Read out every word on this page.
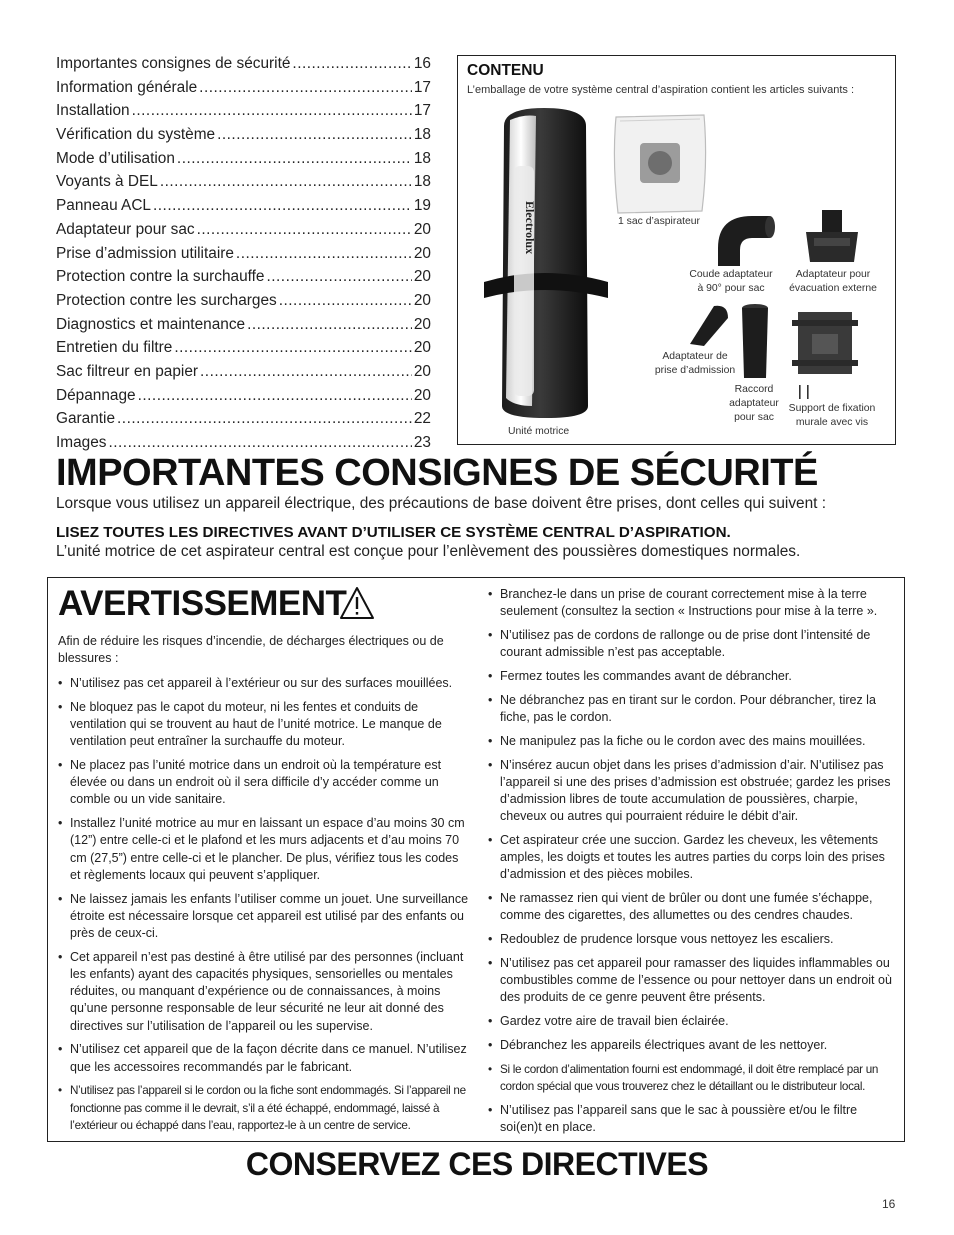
Importantes consignes de sécurité .....	16
Information générale .....	17
Installation .....	17
Vérification du système .....	18
Mode d’utilisation .....	18
Voyants à DEL .....	18
Panneau ACL .....	19
Adaptateur pour sac .....	20
Prise d’admission utilitaire .....	20
Protection contre la surchauffe .....	20
Protection contre les surcharges .....	20
Diagnostics et maintenance .....	20
Entretien du filtre .....	20
Sac filtreur en papier .....	20
Dépannage .....	20
Garantie .....	22
Images .....	23
CONTENU
L’emballage de votre système central d’aspiration contient les articles suivants :
Electrolux	1 sac d’aspirateur
Coude adaptateur
à 90° pour sac
Adaptateur pour
évacuation externe
Adaptateur de
prise d’admission
Raccord
adaptateur
pour sac
Support de fixation
murale avec vis
Unité motrice
IMPORTANTES CONSIGNES DE SÉCURITÉ
Lorsque vous utilisez un appareil électrique, des précautions de base doivent être prises, dont celles qui suivent :
LISEZ TOUTES LES DIRECTIVES AVANT D’UTILISER CE SYSTÈME CENTRAL D’ASPIRATION.
L’unité motrice de cet aspirateur central est conçue pour l’enlèvement des poussières domestiques normales.
AVERTISSEMENT
Afin de réduire les risques d’incendie, de décharges électriques ou de blessures :
• N’utilisez pas cet appareil à l’extérieur ou sur des surfaces mouillées.
• Ne bloquez pas le capot du moteur, ni les fentes et conduits de ventilation qui se trouvent au haut de l’unité motrice. Le manque de ventilation peut entraîner la surchauffe du moteur.
• Ne placez pas l’unité motrice dans un endroit où la température est élevée ou dans un endroit où il sera difficile d’y accéder comme un comble ou un vide sanitaire.
• Installez l’unité motrice au mur en laissant un espace d’au moins 30 cm (12”) entre celle-ci et le plafond et les murs adjacents et d’au moins 70 cm (27,5”) entre celle-ci et le plancher. De plus, vérifiez tous les codes et règlements locaux qui peuvent s’appliquer.
• Ne laissez jamais les enfants l’utiliser comme un jouet. Une surveillance étroite est nécessaire lorsque cet appareil est utilisé par des enfants ou près de ceux-ci.
• Cet appareil n’est pas destiné à être utilisé par des personnes (incluant les enfants) ayant des capacités physiques, sensorielles ou mentales réduites, ou manquant d’expérience ou de connaissances, à moins qu’une personne responsable de leur sécurité ne leur ait donné des directives sur l’utilisation de l’appareil ou les supervise.
• N’utilisez cet appareil que de la façon décrite dans ce manuel. N’utilisez que les accessoires recommandés par le fabricant.
• N’utilisez pas l’appareil si le cordon ou la fiche sont endommagés. Si l’appareil ne fonctionne pas comme il le devrait, s’il a été échappé, endommagé, laissé à l’extérieur ou échappé dans l’eau, rapportez-le à un centre de service.
• Branchez-le dans un prise de courant correctement mise à la terre seulement (consultez la section « Instructions pour mise à la terre ».
• N’utilisez pas de cordons de rallonge ou de prise dont l’intensité de courant admissible n’est pas acceptable.
• Fermez toutes les commandes avant de débrancher.
• Ne débranchez pas en tirant sur le cordon. Pour débrancher, tirez la fiche, pas le cordon.
• Ne manipulez pas la fiche ou le cordon avec des mains mouillées.
• N’insérez aucun objet dans les prises d’admission d’air. N’utilisez pas l’appareil si une des prises d’admission est obstruée; gardez les prises d’admission libres de toute accumulation de poussières, charpie, cheveux ou autres qui pourraient réduire le débit d’air.
• Cet aspirateur crée une succion. Gardez les cheveux, les vêtements amples, les doigts et toutes les autres parties du corps loin des prises d’admission et des pièces mobiles.
• Ne ramassez rien qui vient de brûler ou dont une fumée s’échappe, comme des cigarettes, des allumettes ou des cendres chaudes.
• Redoublez de prudence lorsque vous nettoyez les escaliers.
• N’utilisez pas cet appareil pour ramasser des liquides inflammables ou combustibles comme de l’essence ou pour nettoyer dans un endroit où des produits de ce genre peuvent être présents.
• Gardez votre aire de travail bien éclairée.
• Débranchez les appareils électriques avant de les nettoyer.
• Si le cordon d’alimentation fourni est endommagé, il doit être remplacé par un cordon spécial que vous trouverez chez le détaillant ou le distributeur local.
• N’utilisez pas l’appareil sans que le sac à poussière et/ou le filtre soi(en)t en place.
CONSERVEZ CES DIRECTIVES
16
